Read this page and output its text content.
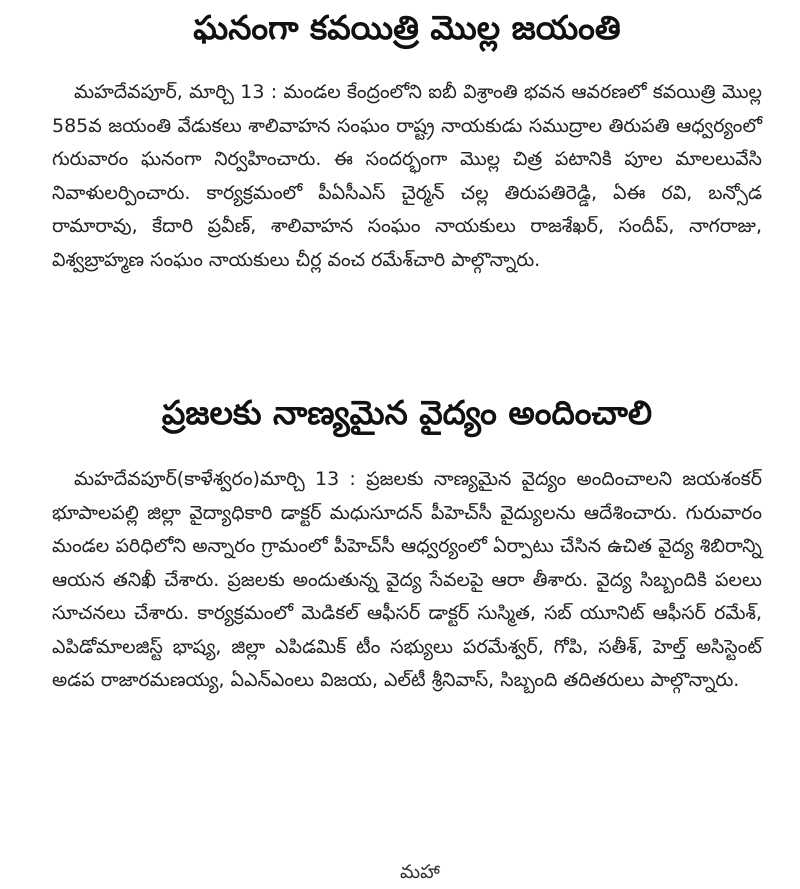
ఘనంగా కవయిత్రి మొల్ల జయంతి

మహదేవపూర్, మార్చి 13 : మండల కేంద్రంలోని ఐబీ విశ్రాంతి భవన ఆవరణలో కవయిత్రి మొల్ల 585వ జయంతి వేడుకలు శాలివాహన సంఘం రాష్ట్ర నాయకుడు సముద్రాల తిరుపతి ఆధ్వర్యంలో గురువారం ఘనంగా నిర్వహించారు. ఈ సందర్భంగా మొల్ల చిత్ర పటానికి పూల మాలలువేసి నివాళులర్పించారు. కార్యక్రమంలో పీఏసీఎస్ చైర్మన్ చల్ల తిరుపతిరెడ్డి, ఏఈ రవి, బన్సోడ రామారావు, కేదారి ప్రవీణ్, శాలివాహన సంఘం నాయకులు రాజశేఖర్, సందీప్, నాగరాజు, విశ్వబ్రాహ్మణ సంఘం నాయకులు చీర్ల వంచ రమేశ్‌చారి పాల్గొన్నారు.

ప్రజలకు నాణ్యమైన వైద్యం అందించాలి

మహదేవపూర్(కాళేశ్వరం)మార్చి 13 : ప్రజలకు నాణ్యమైన వైద్యం అందించాలని జయశంకర్ భూపాలపల్లి జిల్లా వైద్యాధికారి డాక్టర్ మధుసూదన్ పీహెచ్‌సీ వైద్యులను ఆదేశించారు. గురువారం మండల పరిధిలోని అన్నారం గ్రామంలో పీహెచ్‌సీ ఆధ్వర్యంలో ఏర్పాటు చేసిన ఉచిత వైద్య శిబిరాన్ని ఆయన తనిఖీ చేశారు. ప్రజలకు అందుతున్న వైద్య సేవలపై ఆరా తీశారు. వైద్య సిబ్బందికి పలలు సూచనలు చేశారు. కార్యక్రమంలో మెడికల్ ఆఫీసర్ డాక్టర్ సుస్మిత, సబ్ యూనిట్ ఆఫీసర్ రమేశ్, ఎపిడోమాలజిస్ట్ భాష్య, జిల్లా ఎపిడమిక్ టీం సభ్యులు పరమేశ్వర్, గోపి, సతీశ్, హెల్త్ అసిస్టెంట్ అడప రాజారమణయ్య, ఏఎన్‌ఎంలు విజయ, ఎల్‌టీ శ్రీనివాస్, సిబ్బంది తదితరులు పాల్గొన్నారు.

మహా
